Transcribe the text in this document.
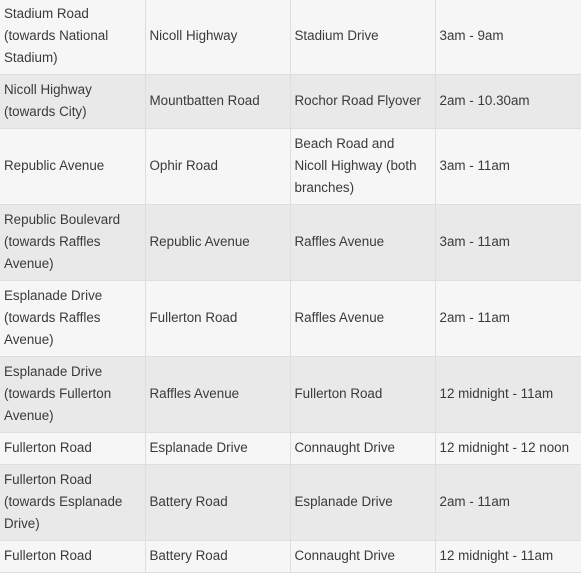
Stadium Road (towards National Stadium)	Nicoll Highway	Stadium Drive	3am - 9am
Nicoll Highway (towards City)	Mountbatten Road	Rochor Road Flyover	2am - 10.30am
Republic Avenue	Ophir Road	Beach Road and Nicoll Highway (both branches)	3am - 11am
Republic Boulevard (towards Raffles Avenue)	Republic Avenue	Raffles Avenue	3am - 11am
Esplanade Drive (towards Raffles Avenue)	Fullerton Road	Raffles Avenue	2am - 11am
Esplanade Drive (towards Fullerton Avenue)	Raffles Avenue	Fullerton Road	12 midnight - 11am
Fullerton Road	Esplanade Drive	Connaught Drive	12 midnight - 12 noon
Fullerton Road (towards Esplanade Drive)	Battery Road	Esplanade Drive	2am - 11am
Fullerton Road	Battery Road	Connaught Drive	12 midnight - 11am
